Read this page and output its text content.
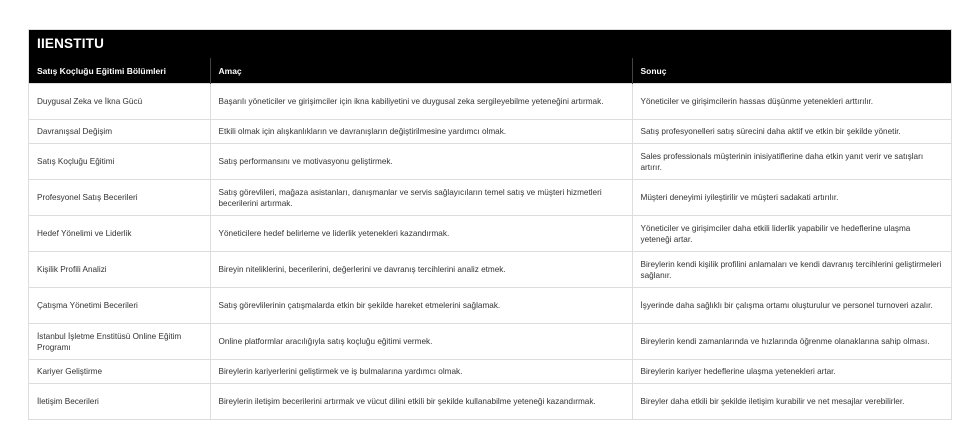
IIENSTITU
Satış Koçluğu Eğitimi Bölümleri	Amaç	Sonuç
Duygusal Zeka ve İkna Gücü	Başarılı yöneticiler ve girişimciler için ikna kabiliyetini ve duygusal zeka sergileyebilme yeteneğini artırmak.	Yöneticiler ve girişimcilerin hassas düşünme yetenekleri arttırılır.
Davranışsal Değişim	Etkili olmak için alışkanlıkların ve davranışların değiştirilmesine yardımcı olmak.	Satış profesyonelleri satış sürecini daha aktif ve etkin bir şekilde yönetir.
Satış Koçluğu Eğitimi	Satış performansını ve motivasyonu geliştirmek.	Sales professionals müşterinin inisiyatiflerine daha etkin yanıt verir ve satışları artırır.
Profesyonel Satış Becerileri	Satış görevlileri, mağaza asistanları, danışmanlar ve servis sağlayıcıların temel satış ve müşteri hizmetleri becerilerini artırmak.	Müşteri deneyimi iyileştirilir ve müşteri sadakati artırılır.
Hedef Yönelimi ve Liderlik	Yöneticilere hedef belirleme ve liderlik yetenekleri kazandırmak.	Yöneticiler ve girişimciler daha etkili liderlik yapabilir ve hedeflerine ulaşma yeteneği artar.
Kişilik Profili Analizi	Bireyin niteliklerini, becerilerini, değerlerini ve davranış tercihlerini analiz etmek.	Bireylerin kendi kişilik profilini anlamaları ve kendi davranış tercihlerini geliştirmeleri sağlanır.
Çatışma Yönetimi Becerileri	Satış görevlilerinin çatışmalarda etkin bir şekilde hareket etmelerini sağlamak.	İşyerinde daha sağlıklı bir çalışma ortamı oluşturulur ve personel turnoveri azalır.
İstanbul İşletme Enstitüsü Online Eğitim Programı	Online platformlar aracılığıyla satış koçluğu eğitimi vermek.	Bireylerin kendi zamanlarında ve hızlarında öğrenme olanaklarına sahip olması.
Kariyer Geliştirme	Bireylerin kariyerlerini geliştirmek ve iş bulmalarına yardımcı olmak.	Bireylerin kariyer hedeflerine ulaşma yetenekleri artar.
İletişim Becerileri	Bireylerin iletişim becerilerini artırmak ve vücut dilini etkili bir şekilde kullanabilme yeteneği kazandırmak.	Bireyler daha etkili bir şekilde iletişim kurabilir ve net mesajlar verebilirler.
